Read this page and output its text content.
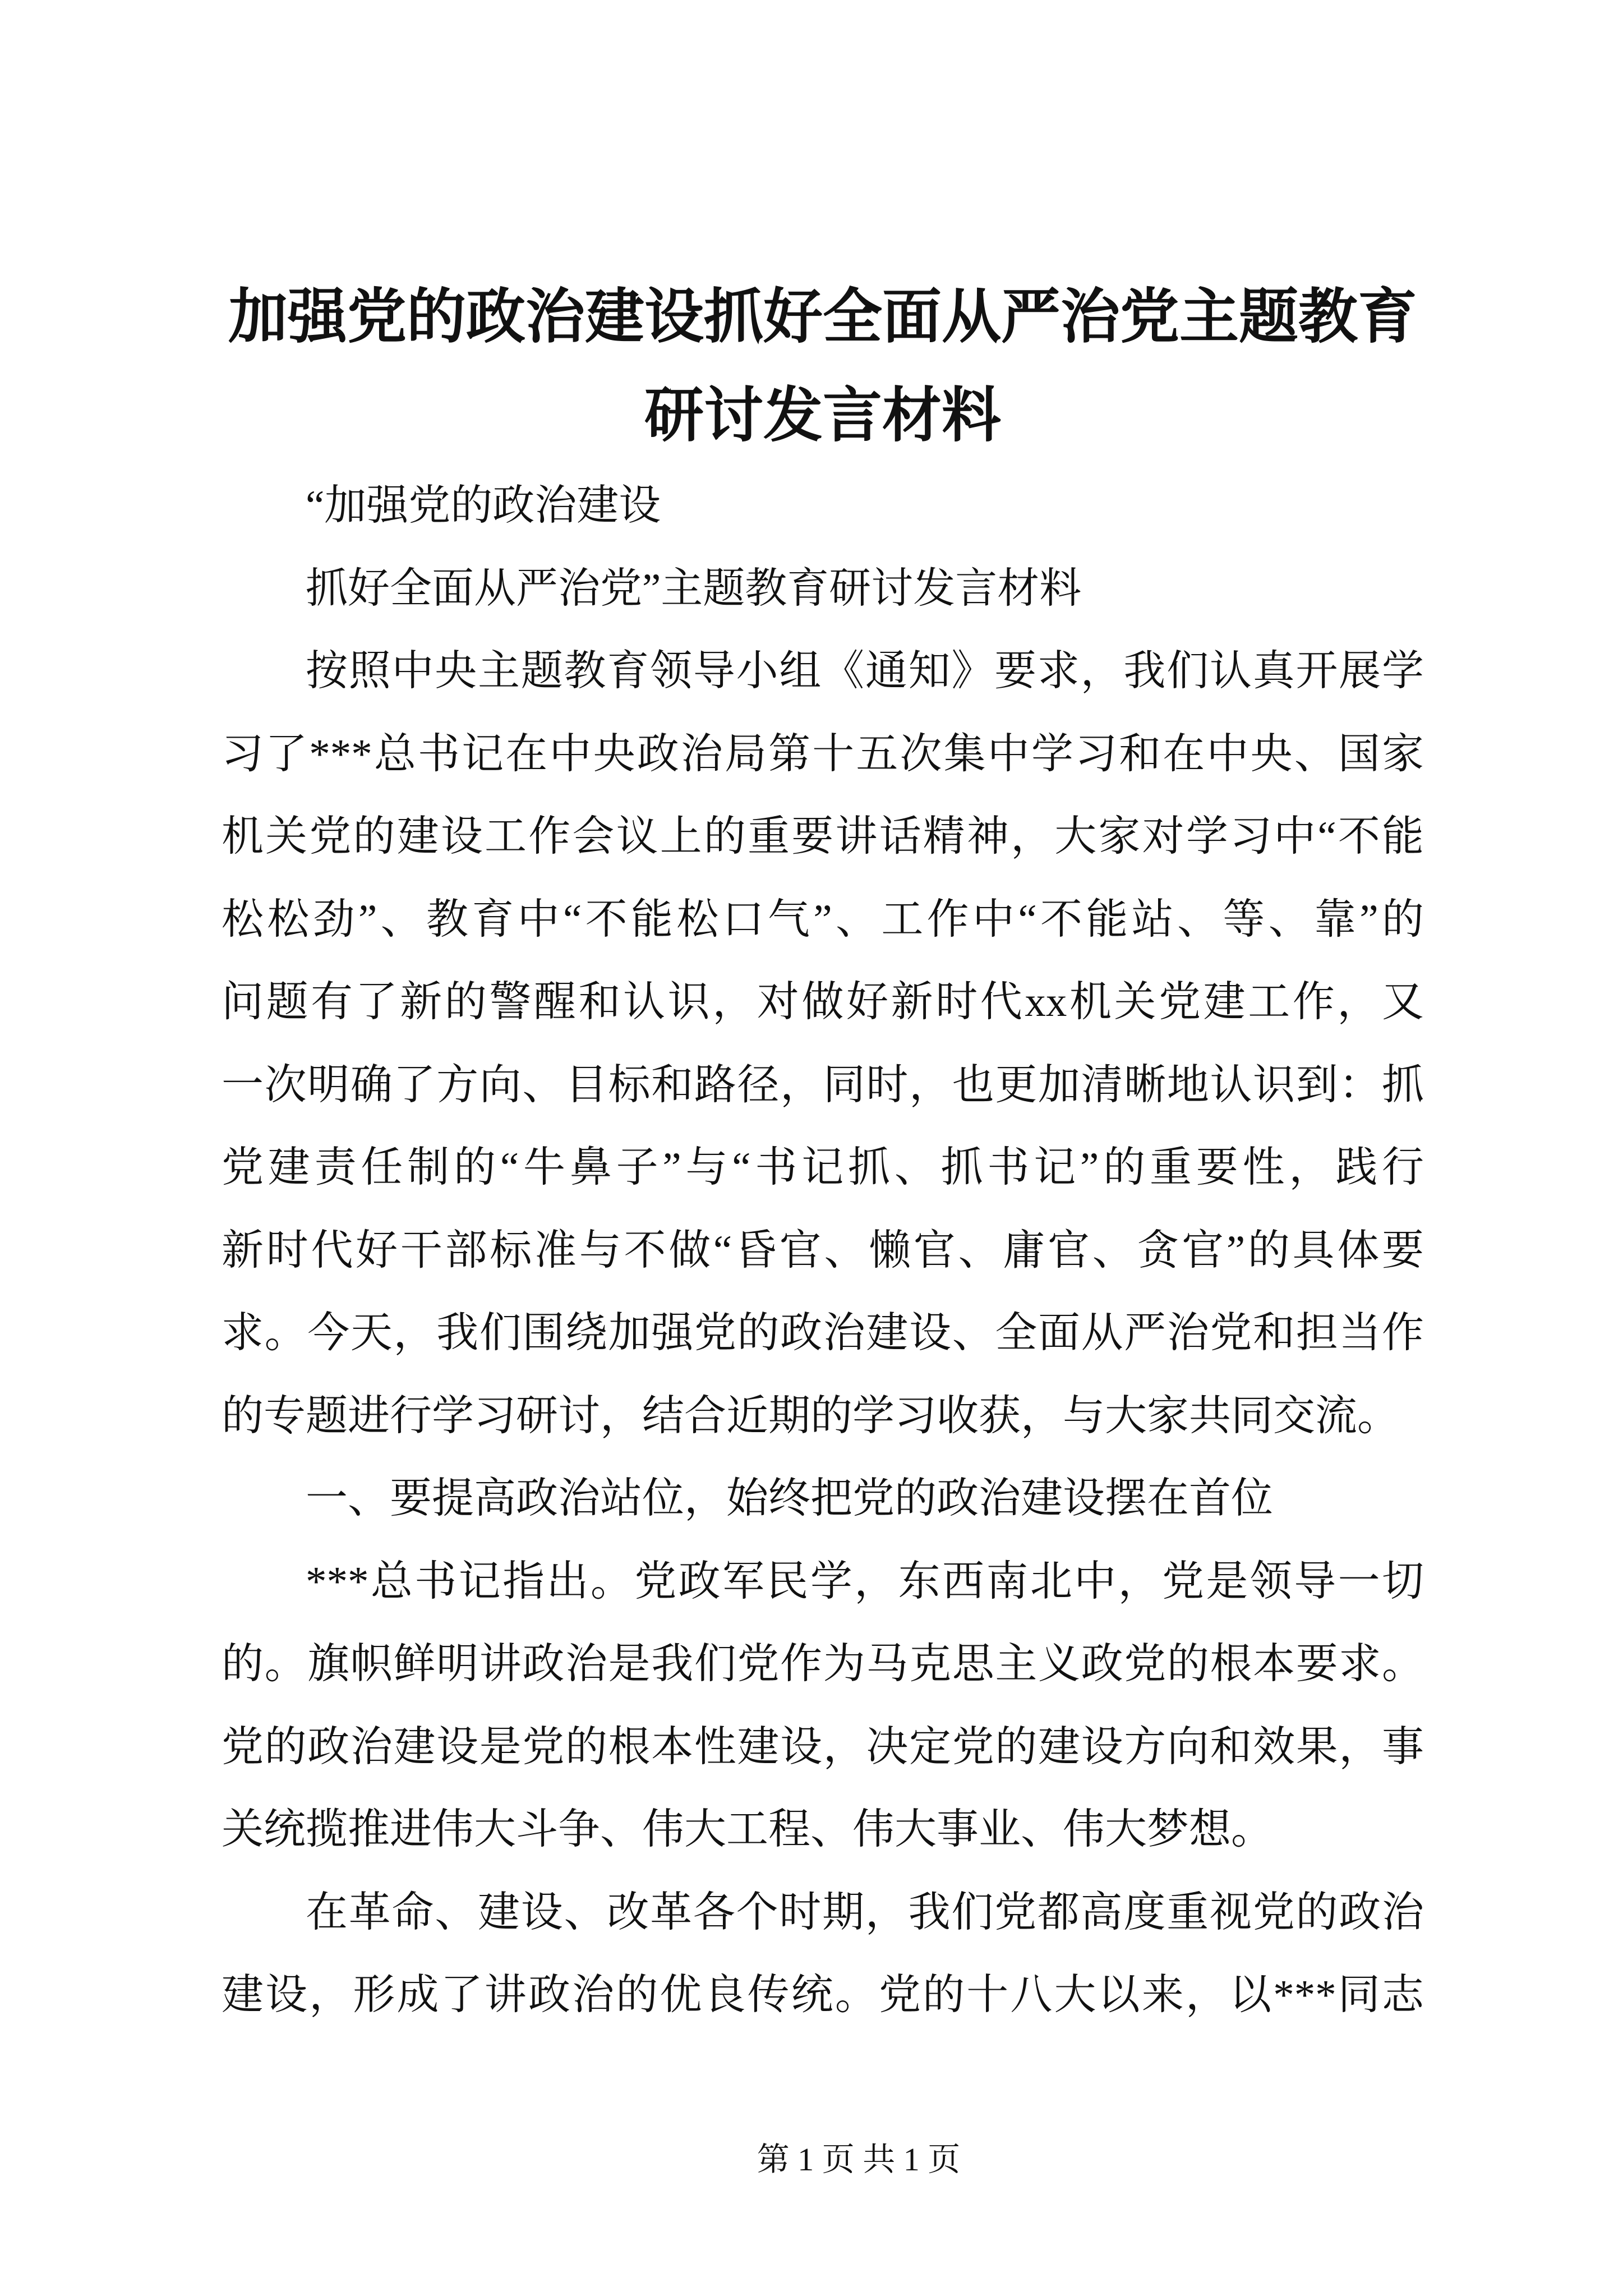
加强党的政治建设抓好全面从严治党主题教育
研讨发言材料
“加强党的政治建设
抓好全面从严治党”主题教育研讨发言材料
按照中央主题教育领导小组《通知》要求，我们认真开展学
习了***总书记在中央政治局第十五次集中学习和在中央、国家
机关党的建设工作会议上的重要讲话精神，大家对学习中“不能
松松劲”、教育中“不能松口气”、工作中“不能站、等、靠”的
问题有了新的警醒和认识，对做好新时代xx机关党建工作，又
一次明确了方向、目标和路径，同时，也更加清晰地认识到：抓
党建责任制的“牛鼻子”与“书记抓、抓书记”的重要性，践行
新时代好干部标准与不做“昏官、懒官、庸官、贪官”的具体要
求。今天，我们围绕加强党的政治建设、全面从严治党和担当作
的专题进行学习研讨，结合近期的学习收获，与大家共同交流。
一、要提高政治站位，始终把党的政治建设摆在首位
***总书记指出。党政军民学，东西南北中，党是领导一切
的。旗帜鲜明讲政治是我们党作为马克思主义政党的根本要求。
党的政治建设是党的根本性建设，决定党的建设方向和效果，事
关统揽推进伟大斗争、伟大工程、伟大事业、伟大梦想。
在革命、建设、改革各个时期，我们党都高度重视党的政治
建设，形成了讲政治的优良传统。党的十八大以来，以***同志
第 1 页 共 1 页
